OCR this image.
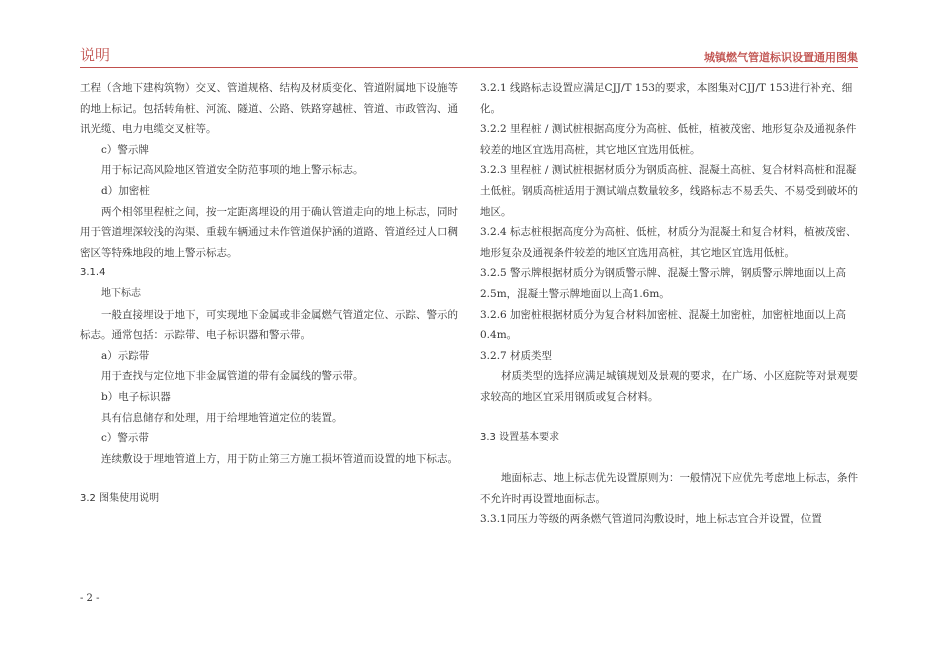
说明	城镇燃气管道标识设置通用图集

工程（含地下建构筑物）交叉、管道规格、结构及材质变化、管道附属地下设施等的地上标记。包括转角桩、河流、隧道、公路、铁路穿越桩、管道、市政管沟、通讯光缆、电力电缆交叉桩等。

c）警示牌

用于标记高风险地区管道安全防范事项的地上警示标志。

d）加密桩

两个相邻里程桩之间，按一定距离埋设的用于确认管道走向的地上标志，同时用于管道埋深较浅的沟渠、重载车辆通过未作管道保护涵的道路、管道经过人口稠密区等特殊地段的地上警示标志。

3.1.4

地下标志

一般直接埋设于地下，可实现地下金属或非金属燃气管道定位、示踪、警示的标志。通常包括：示踪带、电子标识器和警示带。

a）示踪带

用于查找与定位地下非金属管道的带有金属线的警示带。

b）电子标识器

具有信息储存和处理，用于给埋地管道定位的装置。

c）警示带

连续敷设于埋地管道上方，用于防止第三方施工损坏管道而设置的地下标志。

3.2 图集使用说明

3.2.1 线路标志设置应满足CJJ/T 153的要求，本图集对CJJ/T 153进行补充、细化。

3.2.2 里程桩 / 测试桩根据高度分为高桩、低桩，植被茂密、地形复杂及通视条件较差的地区宜选用高桩，其它地区宜选用低桩。

3.2.3 里程桩 / 测试桩根据材质分为钢质高桩、混凝土高桩、复合材料高桩和混凝土低桩。钢质高桩适用于测试端点数量较多，线路标志不易丢失、不易受到破坏的地区。

3.2.4 标志桩根据高度分为高桩、低桩，材质分为混凝土和复合材料，植被茂密、地形复杂及通视条件较差的地区宜选用高桩，其它地区宜选用低桩。

3.2.5 警示牌根据材质分为钢质警示牌、混凝土警示牌，钢质警示牌地面以上高2.5m，混凝土警示牌地面以上高1.6m。

3.2.6 加密桩根据材质分为复合材料加密桩、混凝土加密桩，加密桩地面以上高0.4m。

3.2.7 材质类型

材质类型的选择应满足城镇规划及景观的要求，在广场、小区庭院等对景观要求较高的地区宜采用钢质或复合材料。

3.3 设置基本要求

地面标志、地上标志优先设置原则为：一般情况下应优先考虑地上标志，条件不允许时再设置地面标志。

3.3.1同压力等级的两条燃气管道同沟敷设时，地上标志宜合并设置，位置

- 2 -
